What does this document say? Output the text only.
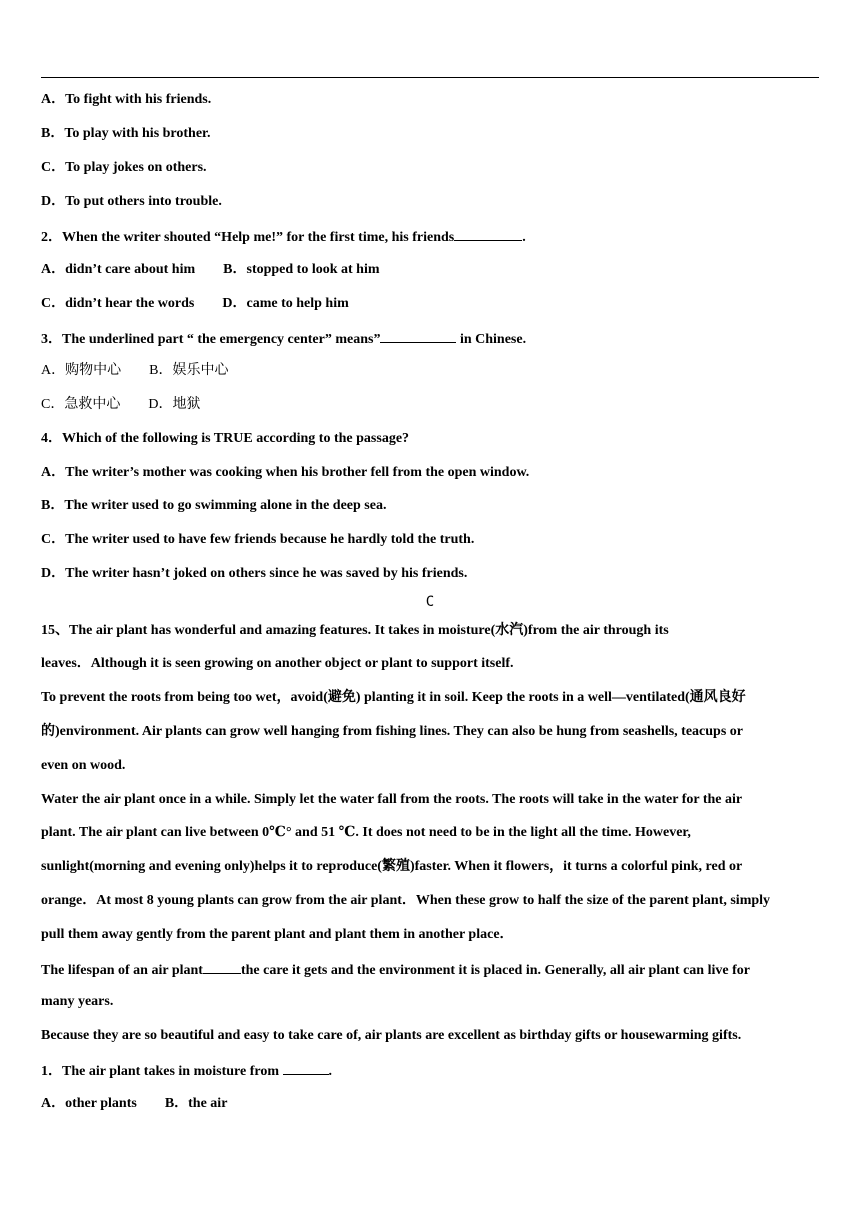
A．To fight with his friends.
B．To play with his brother.
C．To play jokes on others.
D．To put others into trouble.
2．When the writer shouted “Help me!” for the first time, his friends	.
A．didn’t care about him B．stopped to look at him
C．didn’t hear the words D．came to help him
3．The underlined part “ the emergency center” means”	in Chinese.
A．购物中心 B．娱乐中心
C．急救中心 D．地狱
4．Which of the following is TRUE according to the passage?
A．The writer’s mother was cooking when his brother fell from the open window.
B．The writer used to go swimming alone in the deep sea.
C．The writer used to have few friends because he hardly told the truth.
D．The writer hasn’t joked on others since he was saved by his friends.
C
15、The air plant has wonderful and amazing features. It takes in moisture(水汽)from the air through its
leaves．Although it is seen growing on another object or plant to support itself.
To prevent the roots from being too wet，avoid(避免) planting it in soil. Keep the roots in a well—ventilated(通风良好
的)environment. Air plants can grow well hanging from fishing lines. They can also be hung from seashells, teacups or
even on wood.
Water the air plant once in a while. Simply let the water fall from the roots. The roots will take in the water for the air
plant. The air plant can live between 0℃° and 51 ℃. It does not need to be in the light all the time. However,
sunlight(morning and evening only)helps it to reproduce(繁殖)faster. When it flowers，it turns a colorful pink, red or
orange．At most 8 young plants can grow from the air plant．When these grow to half the size of the parent plant, simply
pull them away gently from the parent plant and plant them in another place．
The lifespan of an air plant	the care it gets and the environment it is placed in. Generally, all air plant can live for
many years.
Because they are so beautiful and easy to take care of, air plants are excellent as birthday gifts or housewarming gifts.
1．The air plant takes in moisture from	.
A．other plants B．the air
